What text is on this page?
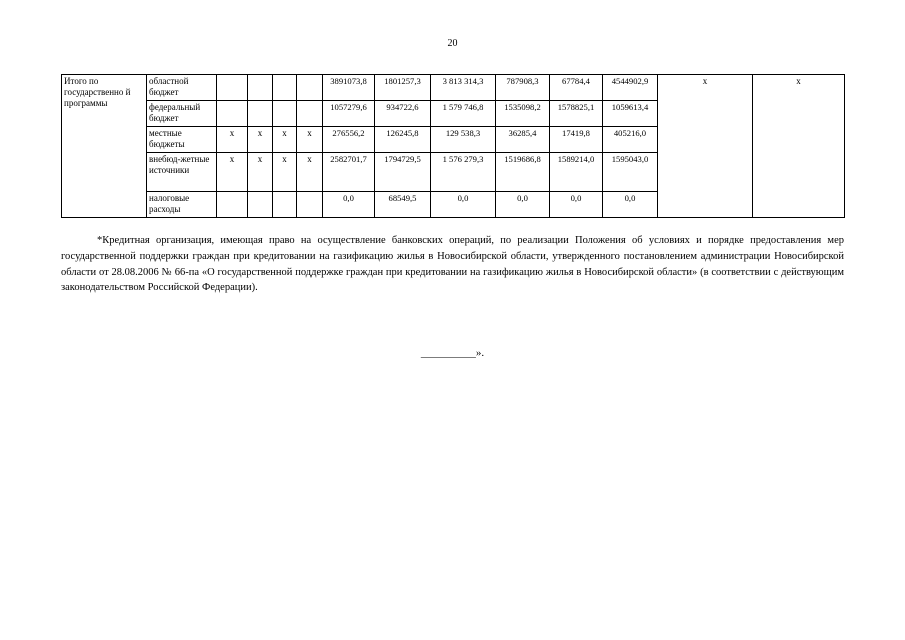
20
Итого по государственно й программы	областной бюджет					3891073,8	1801257,3	3 813 314,3	787908,3	67784,4	4544902,9	x	x
	федеральный бюджет					1057279,6	934722,6	1 579 746,8	1535098,2	1578825,1	1059613,4		
	местные бюджеты	x	x	x	x	276556,2	126245,8	129 538,3	36285,4	17419,8	405216,0		
	внебюд-жетные источники	x	x	x	x	2582701,7	1794729,5	1 576 279,3	1519686,8	1589214,0	1595043,0		
	налоговые расходы					0,0	68549,5	0,0	0,0	0,0	0,0		

*Кредитная организация, имеющая право на осуществление банковских операций, по реализации Положения об условиях и порядке предоставления мер государственной поддержки граждан при кредитовании на газификацию жилья в Новосибирской области, утвержденного постановлением администрации Новосибирской области от 28.08.2006 № 66-па «О государственной поддержке граждан при кредитовании на газификацию жилья в Новосибирской области» (в соответствии с действующим законодательством Российской Федерации).

__________».
